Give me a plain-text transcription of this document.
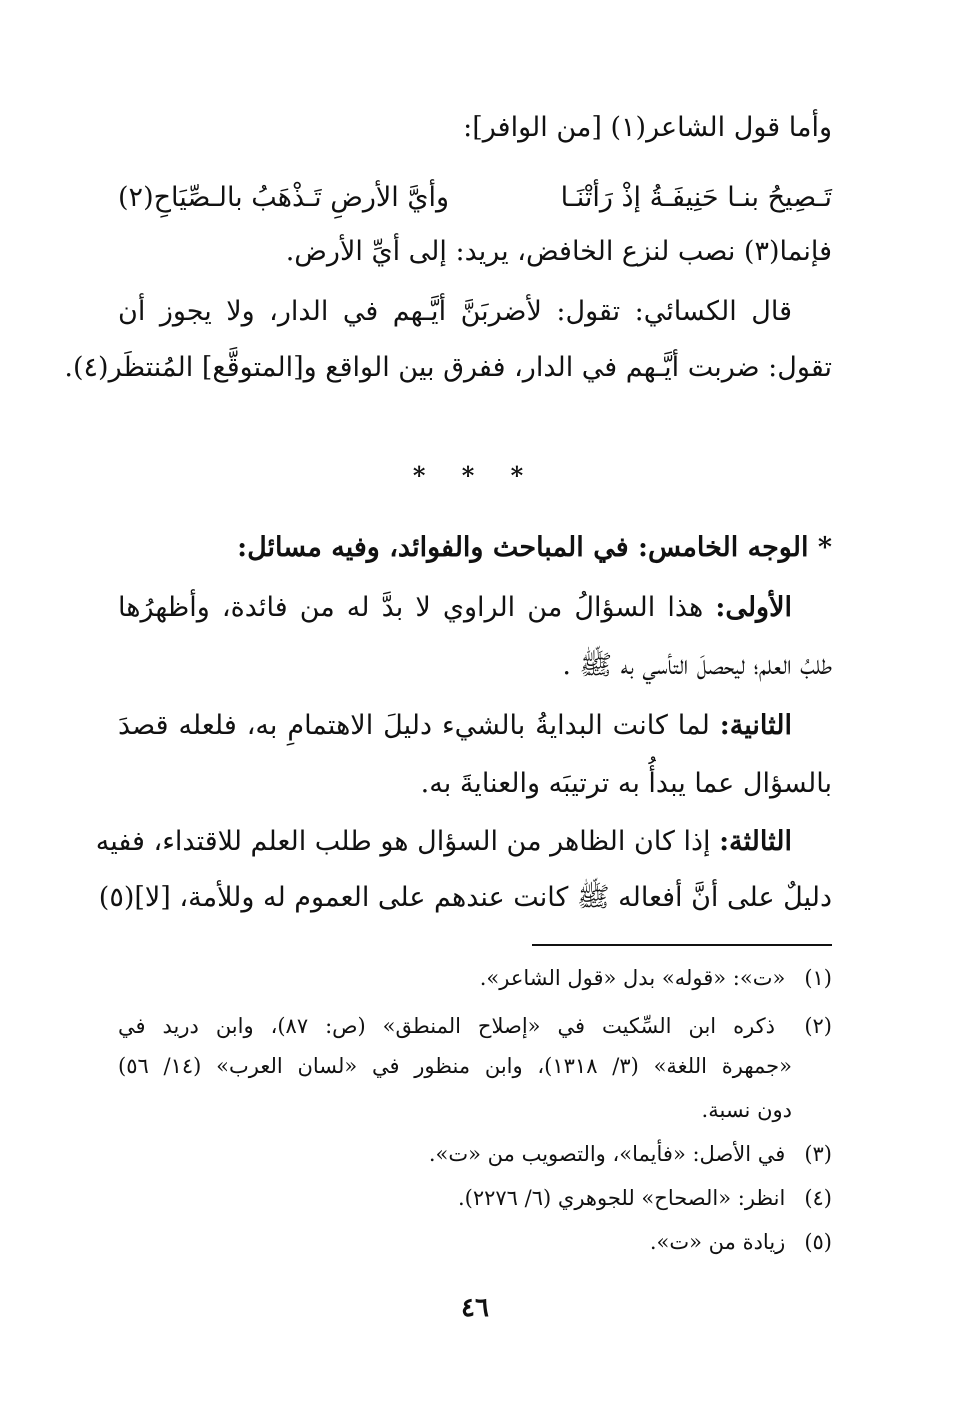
وأما قول الشاعر(١) [من الوافر]:
تَـصِيحُ بنـا حَنِيفَـةُ إذْ رَأتْنَـا
وأيَّ الأرضِ تَـذْهَبُ بالـصِّيَاحِ(٢)
فإنما(٣) نصب لنزع الخافض، يريد: إلى أيِّ الأرض.
قال الكسائي: تقول: لأضربَنَّ أيَّـهم في الدار، ولا يجوز أن
تقول: ضربت أيَّـهم في الدار، ففرق بين الواقع و[المتوقَّع] المُنتظَر(٤).
* * *
* الوجه الخامس: في المباحث والفوائد، وفيه مسائل:
الأولى: هذا السؤالُ من الراوي لا بدَّ له من فائدة، وأظهرُها
طلبُ العلم؛ ليحصلَ التأسي به ﷺ .
الثانية: لما كانت البدايةُ بالشيء دليلَ الاهتمامِ به، فلعله قصدَ
بالسؤال عما يبدأُ به ترتيبَه والعنايةَ به.
الثالثة: إذا كان الظاهر من السؤال هو طلب العلم للاقتداء، ففيه
دليلٌ على أنَّ أفعاله ﷺ كانت عندهم على العموم له وللأمة، [لا](٥)
(١) «ت»: «قوله» بدل «قول الشاعر».
(٢) ذكره ابن السِّكيت في «إصلاح المنطق» (ص: ٨٧)، وابن دريد في
«جمهرة اللغة» (٣/ ١٣١٨)، وابن منظور في «لسان العرب» (١٤/ ٥٦)
دون نسبة.
(٣) في الأصل: «فأيما»، والتصويب من «ت».
(٤) انظر: «الصحاح» للجوهري (٦/ ٢٢٧٦).
(٥) زيادة من «ت».
٤٦
